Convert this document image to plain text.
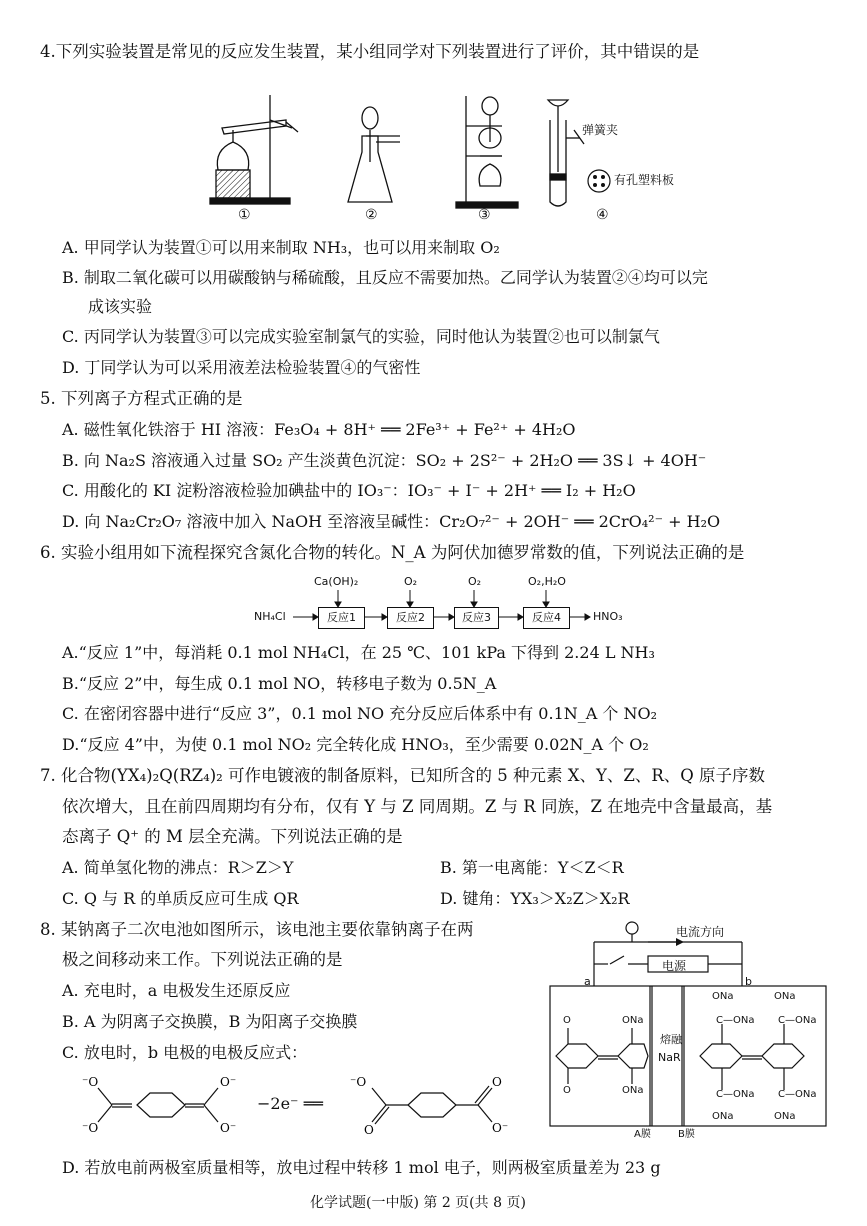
4.下列实验装置是常见的反应发生装置，某小组同学对下列装置进行了评价，其中错误的是
弹簧夹
有孔塑料板
①	②	③	④
A. 甲同学认为装置①可以用来制取 NH₃，也可以用来制取 O₂
B. 制取二氧化碳可以用碳酸钠与稀硫酸，且反应不需要加热。乙同学认为装置②④均可以完
成该实验
C. 丙同学认为装置③可以完成实验室制氯气的实验，同时他认为装置②也可以制氯气
D. 丁同学认为可以采用液差法检验装置④的气密性
5. 下列离子方程式正确的是
A. 磁性氧化铁溶于 HI 溶液：Fe₃O₄ + 8H⁺ ══ 2Fe³⁺ + Fe²⁺ + 4H₂O
B. 向 Na₂S 溶液通入过量 SO₂ 产生淡黄色沉淀：SO₂ + 2S²⁻ + 2H₂O ══ 3S↓ + 4OH⁻
C. 用酸化的 KI 淀粉溶液检验加碘盐中的 IO₃⁻：IO₃⁻ + I⁻ + 2H⁺ ══ I₂ + H₂O
D. 向 Na₂Cr₂O₇ 溶液中加入 NaOH 至溶液呈碱性：Cr₂O₇²⁻ + 2OH⁻ ══ 2CrO₄²⁻ + H₂O
6. 实验小组用如下流程探究含氮化合物的转化。N_A 为阿伏加德罗常数的值，下列说法正确的是
Ca(OH)₂	O₂	O₂	O₂,H₂O
NH₄Cl	反应1	反应2	反应3	反应4	HNO₃
A.“反应 1”中，每消耗 0.1 mol NH₄Cl，在 25 ℃、101 kPa 下得到 2.24 L NH₃
B.“反应 2”中，每生成 0.1 mol NO，转移电子数为 0.5N_A
C. 在密闭容器中进行“反应 3”，0.1 mol NO 充分反应后体系中有 0.1N_A 个 NO₂
D.“反应 4”中，为使 0.1 mol NO₂ 完全转化成 HNO₃，至少需要 0.02N_A 个 O₂
7. 化合物(YX₄)₂Q(RZ₄)₂ 可作电镀液的制备原料，已知所含的 5 种元素 X、Y、Z、R、Q 原子序数
依次增大，且在前四周期均有分布，仅有 Y 与 Z 同周期。Z 与 R 同族，Z 在地壳中含量最高，基
态离子 Q⁺ 的 M 层全充满。下列说法正确的是
A. 简单氢化物的沸点：R＞Z＞Y	B. 第一电离能：Y＜Z＜R
C. Q 与 R 的单质反应可生成 QR	D. 键角：YX₃＞X₂Z＞X₂R
8. 某钠离子二次电池如图所示，该电池主要依靠钠离子在两
极之间移动来工作。下列说法正确的是
A. 充电时，a 电极发生还原反应
B. A 为阴离子交换膜，B 为阳离子交换膜
C. 放电时，b 电极的电极反应式：
⁻O
⁻O
O⁻
O⁻
−2e⁻ ══
⁻O
O
O
O⁻
D. 若放电前两极室质量相等，放电过程中转移 1 mol 电子，则两极室质量差为 23 g
电流方向
电源
a	b
熔融
NaR
A膜	B膜
O
O
ONa
ONa
ONa	ONa
C—ONa C—ONa
C—ONa C—ONa
ONa	ONa
化学试题(一中版) 第 2 页(共 8 页)
